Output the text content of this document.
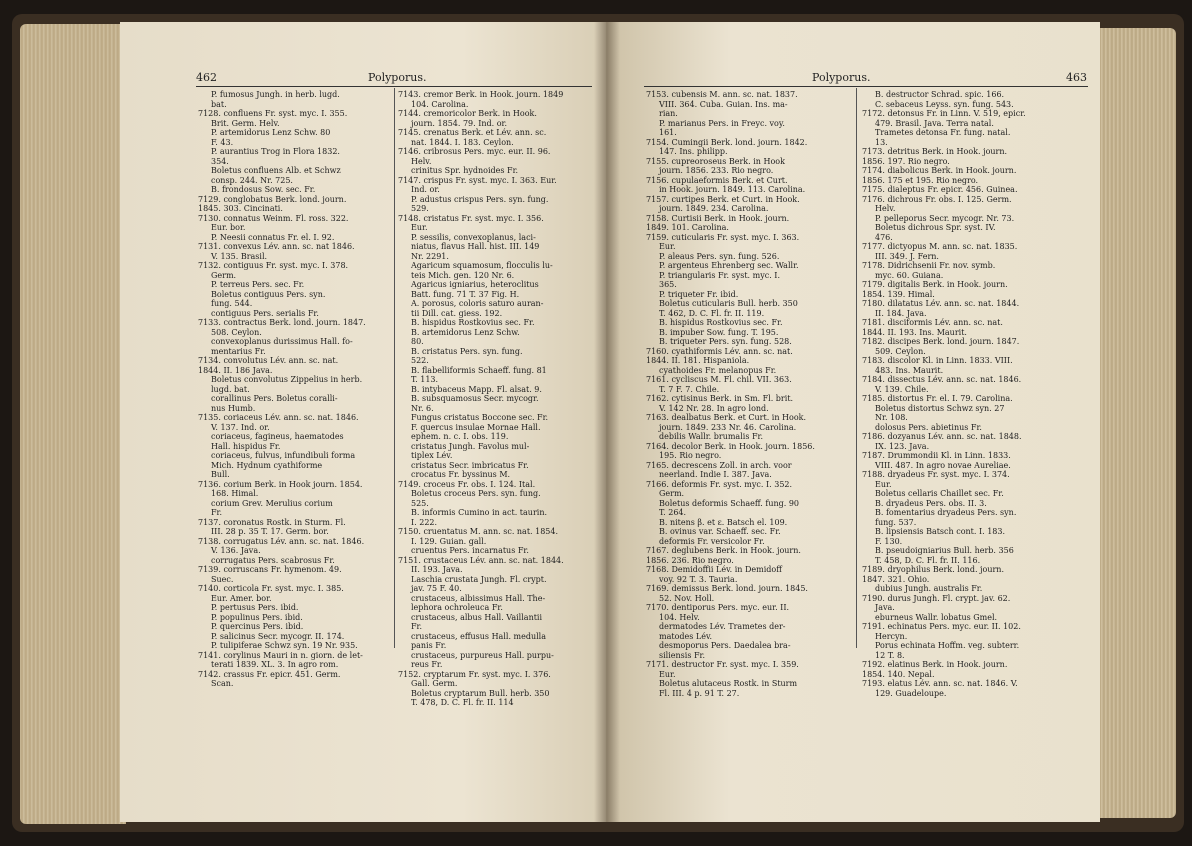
462	Polyporus.	Polyporus.	463
P. fumosus Jungh. in herb. lugd.
bat.
7128. confluens Fr. syst. myc. I. 355.
Brit. Germ. Helv.
P. artemidorus Lenz Schw. 80
F. 43.
P. aurantius Trog in Flora 1832.
354.
Boletus confluens Alb. et Schwz
consp. 244. Nr. 725.
B. frondosus Sow. sec. Fr.
7129. conglobatus Berk. lond. journ.
1845. 303. Cincinati.
7130. connatus Weinm. Fl. ross. 322.
Eur. bor.
P. Neesii connatus Fr. el. I. 92.
7131. convexus Lév. ann. sc. nat 1846.
V. 135. Brasil.
7132. contiguus Fr. syst. myc. I. 378.
Germ.
P. terreus Pers. sec. Fr.
Boletus contiguus Pers. syn.
fung. 544.
contiguus Pers. serialis Fr.
7133. contractus Berk. lond. journ. 1847.
508. Ceylon.
convexoplanus durissimus Hall. fo-
mentarius Fr.
7134. convolutus Lév. ann. sc. nat.
1844. II. 186 Java.
Boletus convolutus Zippelius in herb.
lugd. bat.
corallinus Pers. Boletus coralli-
nus Humb.
7135. coriaceus Lév. ann. sc. nat. 1846.
V. 137. Ind. or.
coriaceus, fagineus, haematodes
Hall. hispidus Fr.
coriaceus, fulvus, infundibuli forma
Mich. Hydnum cyathiforme
Bull.
7136. corium Berk. in Hook journ. 1854.
168. Himal.
corium Grev. Merulius corium
Fr.
7137. coronatus Rostk. in Sturm. Fl.
III. 28 p. 35 T. 17. Germ. bor.
7138. corrugatus Lév. ann. sc. nat. 1846.
V. 136. Java.
corrugatus Pers. scabrosus Fr.
7139. corruscans Fr. hymenom. 49.
Suec.
7140. corticola Fr. syst. myc. I. 385.
Eur. Amer. bor.
P. pertusus Pers. ibid.
P. populinus Pers. ibid.
P. quercinus Pers. ibid.
P. salicinus Secr. mycogr. II. 174.
P. tulipiferae Schwz syn. 19 Nr. 935.
7141. corylinus Mauri in n. giorn. de let-
terati 1839. XL. 3. In agro rom.
7142. crassus Fr. epicr. 451. Germ.
Scan.
7143. cremor Berk. in Hook. journ. 1849
104. Carolina.
7144. cremoricolor Berk. in Hook.
journ. 1854. 79. Ind. or.
7145. crenatus Berk. et Lév. ann. sc.
nat. 1844. I. 183. Ceylon.
7146. cribrosus Pers. myc. eur. II. 96.
Helv.
crinitus Spr. hydnoides Fr.
7147. crispus Fr. syst. myc. I. 363. Eur.
Ind. or.
P. adustus crispus Pers. syn. fung.
529.
7148. cristatus Fr. syst. myc. I. 356.
Eur.
P. sessilis, convexoplanus, laci-
niatus, flavus Hall. hist. III. 149
Nr. 2291.
Agaricum squamosum, flocculis lu-
teis Mich. gen. 120 Nr. 6.
Agaricus igniarius, heteroclitus
Batt. fung. 71 T. 37 Fig. H.
A. porosus, coloris saturo auran-
tii Dill. cat. giess. 192.
B. hispidus Rostkovius sec. Fr.
B. artemidorus Lenz Schw.
80.
B. cristatus Pers. syn. fung.
522.
B. flabelliformis Schaeff. fung. 81
T. 113.
B. intybaceus Mapp. Fl. alsat. 9.
B. subsquamosus Secr. mycogr.
Nr. 6.
Fungus cristatus Boccone sec. Fr.
F. quercus insulae Mornae Hall.
ephem. n. c. I. obs. 119.
cristatus Jungh. Favolus mul-
tiplex Lév.
cristatus Secr. imbricatus Fr.
crocatus Fr. byssinus M.
7149. croceus Fr. obs. I. 124. Ital.
Boletus croceus Pers. syn. fung.
525.
B. informis Cumino in act. taurin.
I. 222.
7150. cruentatus M. ann. sc. nat. 1854.
I. 129. Guian. gall.
cruentus Pers. incarnatus Fr.
7151. crustaceus Lév. ann. sc. nat. 1844.
II. 193. Java.
Laschia crustata Jungh. Fl. crypt.
jav. 75 F. 40.
crustaceus, albissimus Hall. The-
lephora ochroleuca Fr.
crustaceus, albus Hall. Vaillantii
Fr.
crustaceus, effusus Hall. medulla
panis Fr.
crustaceus, purpureus Hall. purpu-
reus Fr.
7152. cryptarum Fr. syst. myc. I. 376.
Gall. Germ.
Boletus cryptarum Bull. herb. 350
T. 478, D. C. Fl. fr. II. 114
7153. cubensis M. ann. sc. nat. 1837.
VIII. 364. Cuba. Guian. Ins. ma-
rian.
P. marianus Pers. in Freyc. voy.
161.
7154. Cumingii Berk. lond. journ. 1842.
147. Ins. philipp.
7155. cupreoroseus Berk. in Hook
journ. 1856. 233. Rio negro.
7156. cupulaeformis Berk. et Curt.
in Hook. journ. 1849. 113. Carolina.
7157. curtipes Berk. et Curt. in Hook.
journ. 1849. 234. Carolina.
7158. Curtisii Berk. in Hook. journ.
1849. 101. Carolina.
7159. cuticularis Fr. syst. myc. I. 363.
Eur.
P. aleaus Pers. syn. fung. 526.
P. argenteus Ehrenberg sec. Wallr.
P. triangularis Fr. syst. myc. I.
365.
P. triqueter Fr. ibid.
Boletus cuticularis Bull. herb. 350
T. 462, D. C. Fl. fr. II. 119.
B. hispidus Rostkovius sec. Fr.
B. impuber Sow. fung. T. 195.
B. triqueter Pers. syn. fung. 528.
7160. cyathiformis Lév. ann. sc. nat.
1844. II. 181. Hispaniola.
cyathoides Fr. melanopus Fr.
7161. cycliscus M. Fl. chil. VII. 363.
T. 7 F. 7. Chile.
7162. cytisinus Berk. in Sm. Fl. brit.
V. 142 Nr. 28. In agro lond.
7163. dealbatus Berk. et Curt. in Hook.
journ. 1849. 233 Nr. 46. Carolina.
debilis Wallr. brumalis Fr.
7164. decolor Berk. in Hook. journ. 1856.
195. Rio negro.
7165. decrescens Zoll. in arch. voor
neerland. Indie I. 387. Java.
7166. deformis Fr. syst. myc. I. 352.
Germ.
Boletus deformis Schaeff. fung. 90
T. 264.
B. nitens β. et ε. Batsch el. 109.
B. ovinus var. Schaeff. sec. Fr.
deformis Fr. versicolor Fr.
7167. deglubens Berk. in Hook. journ.
1856. 236. Rio negro.
7168. Demidoffii Lév. in Demidoff
voy. 92 T. 3. Tauria.
7169. demissus Berk. lond. journ. 1845.
52. Nov. Holl.
7170. dentiporus Pers. myc. eur. II.
104. Helv.
dermatodes Lév. Trametes der-
matodes Lév.
desmoporus Pers. Daedalea bra-
siliensis Fr.
7171. destructor Fr. syst. myc. I. 359.
Eur.
Boletus alutaceus Rostk. in Sturm
Fl. III. 4 p. 91 T. 27.
B. destructor Schrad. spic. 166.
C. sebaceus Leyss. syn. fung. 543.
7172. detonsus Fr. in Linn. V. 519, epicr.
479. Brasil. Java. Terra natal.
Trametes detonsa Fr. fung. natal.
13.
7173. detritus Berk. in Hook. journ.
1856. 197. Rio negro.
7174. diabolicus Berk. in Hook. journ.
1856. 175 et 195. Rio negro.
7175. dialeptus Fr. epicr. 456. Guinea.
7176. dichrous Fr. obs. I. 125. Germ.
Helv.
P. pelleporus Secr. mycogr. Nr. 73.
Boletus dichrous Spr. syst. IV.
476.
7177. dictyopus M. ann. sc. nat. 1835.
III. 349. J. Fern.
7178. Didrichsenii Fr. nov. symb.
myc. 60. Guiana.
7179. digitalis Berk. in Hook. journ.
1854. 139. Himal.
7180. dilatatus Lév. ann. sc. nat. 1844.
II. 184. Java.
7181. disciformis Lév. ann. sc. nat.
1844. II. 193. Ins. Maurit.
7182. discipes Berk. lond. journ. 1847.
509. Ceylon.
7183. discolor Kl. in Linn. 1833. VIII.
483. Ins. Maurit.
7184. dissectus Lév. ann. sc. nat. 1846.
V. 139. Chile.
7185. distortus Fr. el. I. 79. Carolina.
Boletus distortus Schwz syn. 27
Nr. 108.
dolosus Pers. abietinus Fr.
7186. dozyanus Lév. ann. sc. nat. 1848.
IX. 123. Java.
7187. Drummondii Kl. in Linn. 1833.
VIII. 487. In agro novae Aureliae.
7188. dryadeus Fr. syst. myc. I. 374.
Eur.
Boletus cellaris Chaillet sec. Fr.
B. dryadeus Pers. obs. II. 3.
B. fomentarius dryadeus Pers. syn.
fung. 537.
B. lipsiensis Batsch cont. I. 183.
F. 130.
B. pseudoigniarius Bull. herb. 356
T. 458, D. C. Fl. fr. II. 116.
7189. dryophilus Berk. lond. journ.
1847. 321. Ohio.
dubius Jungh. australis Fr.
7190. durus Jungh. Fl. crypt. jav. 62.
Java.
eburneus Wallr. lobatus Gmel.
7191. echinatus Pers. myc. eur. II. 102.
Hercyn.
Porus echinata Hoffm. veg. subterr.
12 T. 8.
7192. elatinus Berk. in Hook. journ.
1854. 140. Nepal.
7193. elatus Lév. ann. sc. nat. 1846. V.
129. Guadeloupe.
